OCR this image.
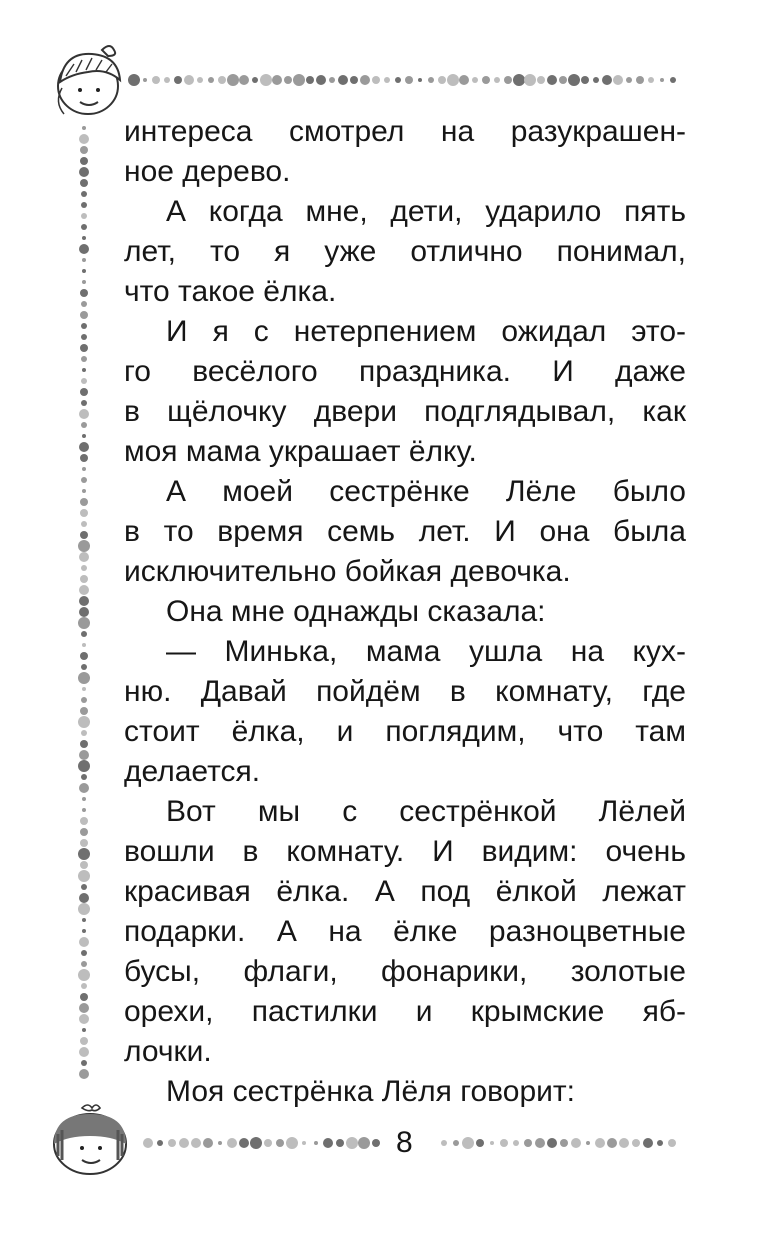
интереса смотрел на разукрашен-
ное дерево.
А когда мне, дети, ударило пять
лет, то я уже отлично понимал,
что такое ёлка.
И я с нетерпением ожидал это-
го весёлого праздника. И даже
в щёлочку двери подглядывал, как
моя мама украшает ёлку.
А моей сестрёнке Лёле было
в то время семь лет. И она была
исключительно бойкая девочка.
Она мне однажды сказала:
— Минька, мама ушла на кух-
ню. Давай пойдём в комнату, где
стоит ёлка, и поглядим, что там
делается.
Вот мы с сестрёнкой Лёлей
вошли в комнату. И видим: очень
красивая ёлка. А под ёлкой лежат
подарки. А на ёлке разноцветные
бусы, флаги, фонарики, золотые
орехи, пастилки и крымские яб-
лочки.
Моя сестрёнка Лёля говорит:
8
